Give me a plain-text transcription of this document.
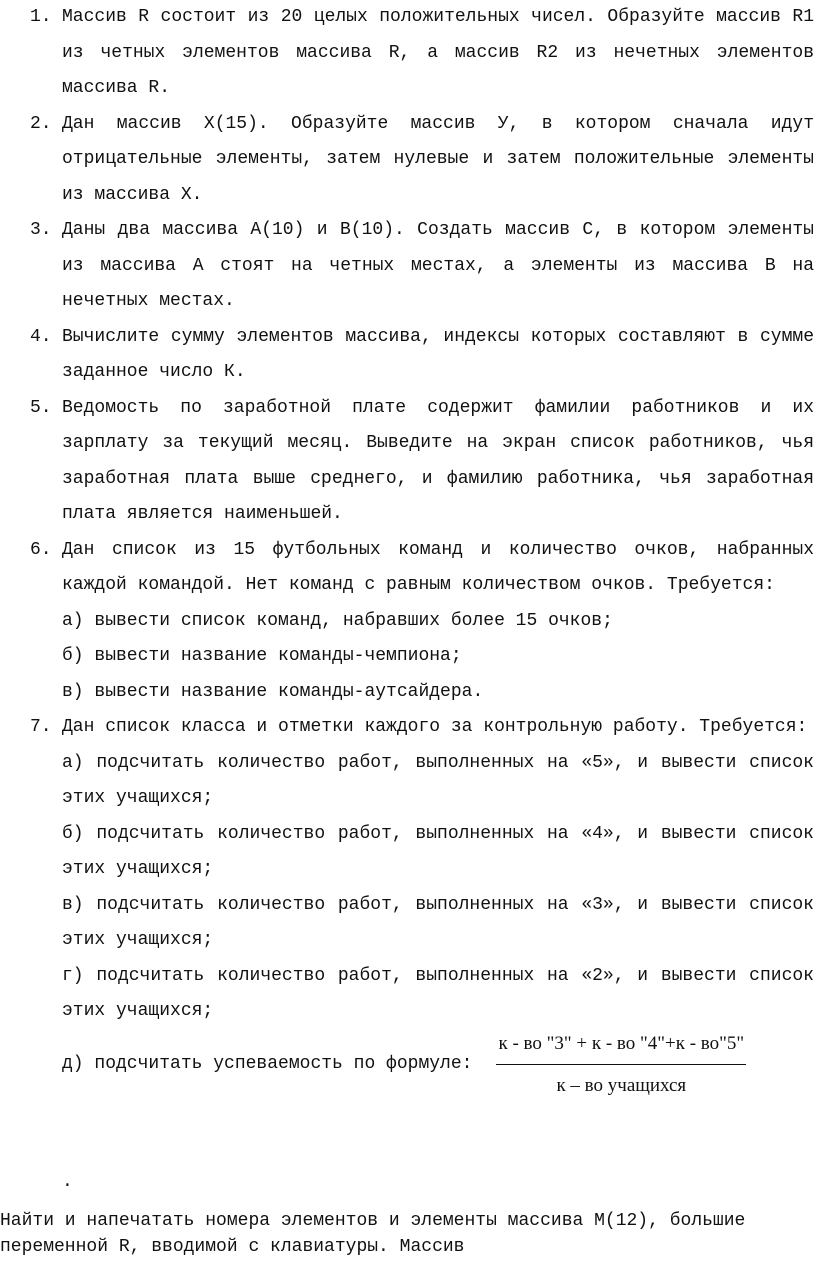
1. Массив R состоит из 20 целых положительных чисел. Образуйте массив R1 из четных элементов массива R, а массив R2 из нечетных элементов массива R.
2. Дан массив Х(15). Образуйте массив У, в котором сначала идут отрицательные элементы, затем нулевые и затем положительные элементы из массива Х.
3. Даны два массива А(10) и В(10). Создать массив С, в котором элементы из массива А стоят на четных местах, а элементы из массива В на нечетных местах.
4. Вычислите сумму элементов массива, индексы которых составляют в сумме заданное число К.
5. Ведомость по заработной плате содержит фамилии работников и их зарплату за текущий месяц. Выведите на экран список работников, чья заработная плата выше среднего, и фамилию работника, чья заработная плата является наименьшей.
6. Дан список из 15 футбольных команд и количество очков, набранных каждой командой. Нет команд с равным количеством очков. Требуется:
а) вывести список команд, набравших более 15 очков;
б) вывести название команды-чемпиона;
в) вывести название команды-аутсайдера.
7. Дан список класса и отметки каждого за контрольную работу. Требуется:
а) подсчитать количество работ, выполненных на «5», и вывести список этих учащихся;
б) подсчитать количество работ, выполненных на «4», и вывести список этих учащихся;
в) подсчитать количество работ, выполненных на «3», и вывести список этих учащихся;
г) подсчитать количество работ, выполненных на «2», и вывести список этих учащихся;
д) подсчитать успеваемость по формуле: $\frac{к - во "3" + к - во "4"+к - во"5"}{\text{к – во учащихся}}$
.
Найти и напечатать номера элементов и элементы массива М(12), большие переменной R, вводимой с клавиатуры. Массив
